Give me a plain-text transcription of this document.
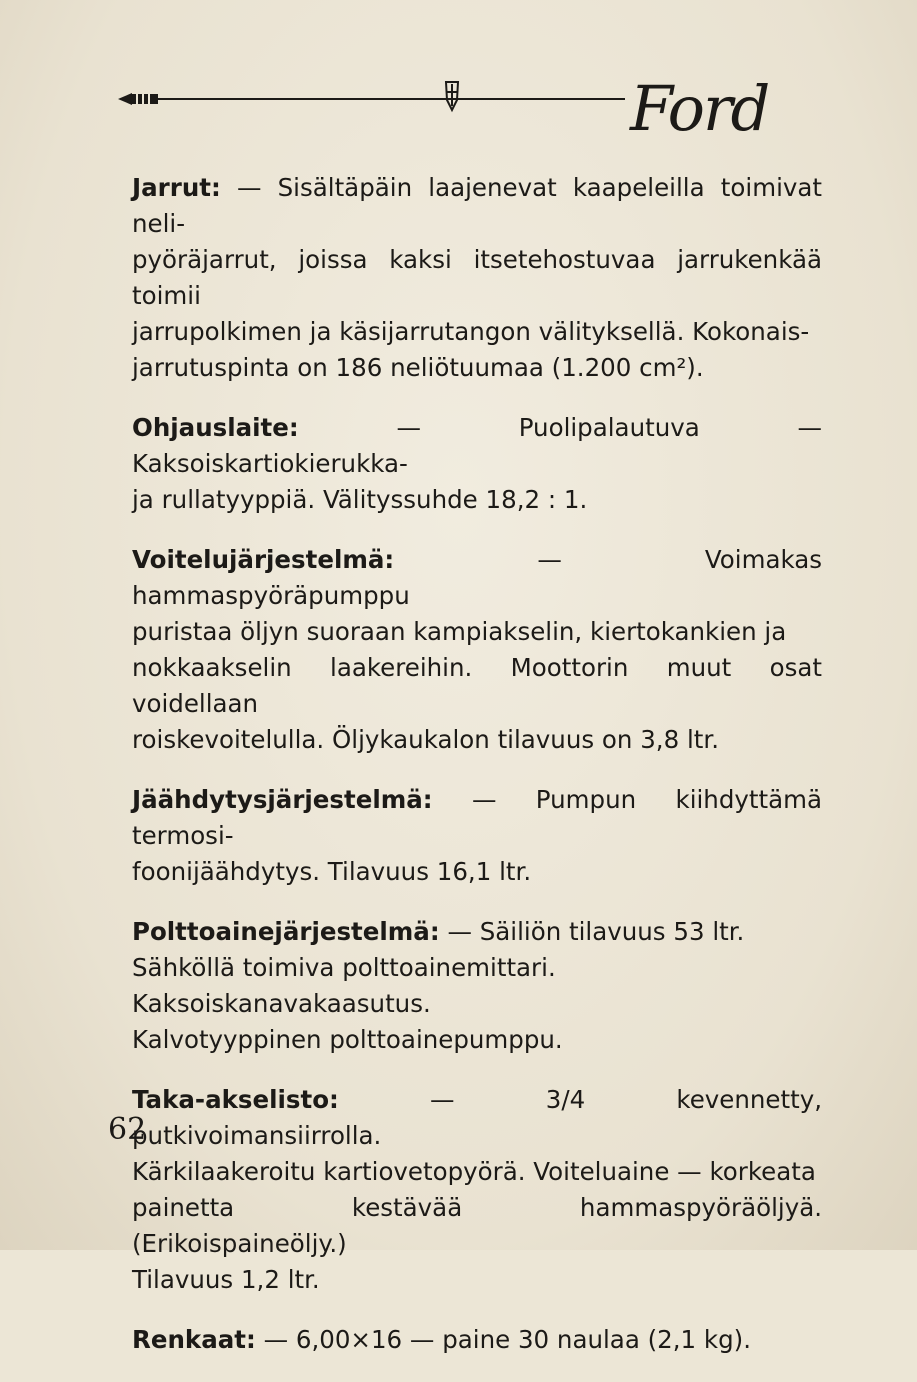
Ford

Jarrut: — Sisältäpäin laajenevat kaapeleilla toimivat neli-
pyöräjarrut, joissa kaksi itsetehostuvaa jarrukenkää toimii
jarrupolkimen ja käsijarrutangon välityksellä. Kokonais-
jarrutuspinta on 186 neliötuumaa (1.200 cm²).

Ohjauslaite:	— Puolipalautuva — Kaksoiskartiokierukka-
ja rullatyyppiä. Välityssuhde 18,2 : 1.

Voitelujärjestelmä:	— Voimakas hammaspyöräpumppu
puristaa öljyn suoraan kampiakselin, kiertokankien ja
nokkaakselin laakereihin. Moottorin muut osat voidellaan
roiskevoitelulla. Öljykaukalon tilavuus on 3,8 ltr.

Jäähdytysjärjestelmä: — Pumpun kiihdyttämä termosi-
foonijäähdytys. Tilavuus 16,1 ltr.

Polttoainejärjestelmä: — Säiliön tilavuus 53 ltr.
Sähköllä toimiva polttoainemittari.
Kaksoiskanavakaasutus.
Kalvotyyppinen polttoainepumppu.

Taka-akselisto:	— 3/4 kevennetty, putkivoimansiirrolla.
Kärkilaakeroitu kartiovetopyörä. Voiteluaine — korkeata
painetta kestävää hammaspyöräöljyä. (Erikoispaineöljy.)
Tilavuus 1,2 ltr.

Renkaat: — 6,00×16 — paine 30 naulaa (2,1 kg).

62
